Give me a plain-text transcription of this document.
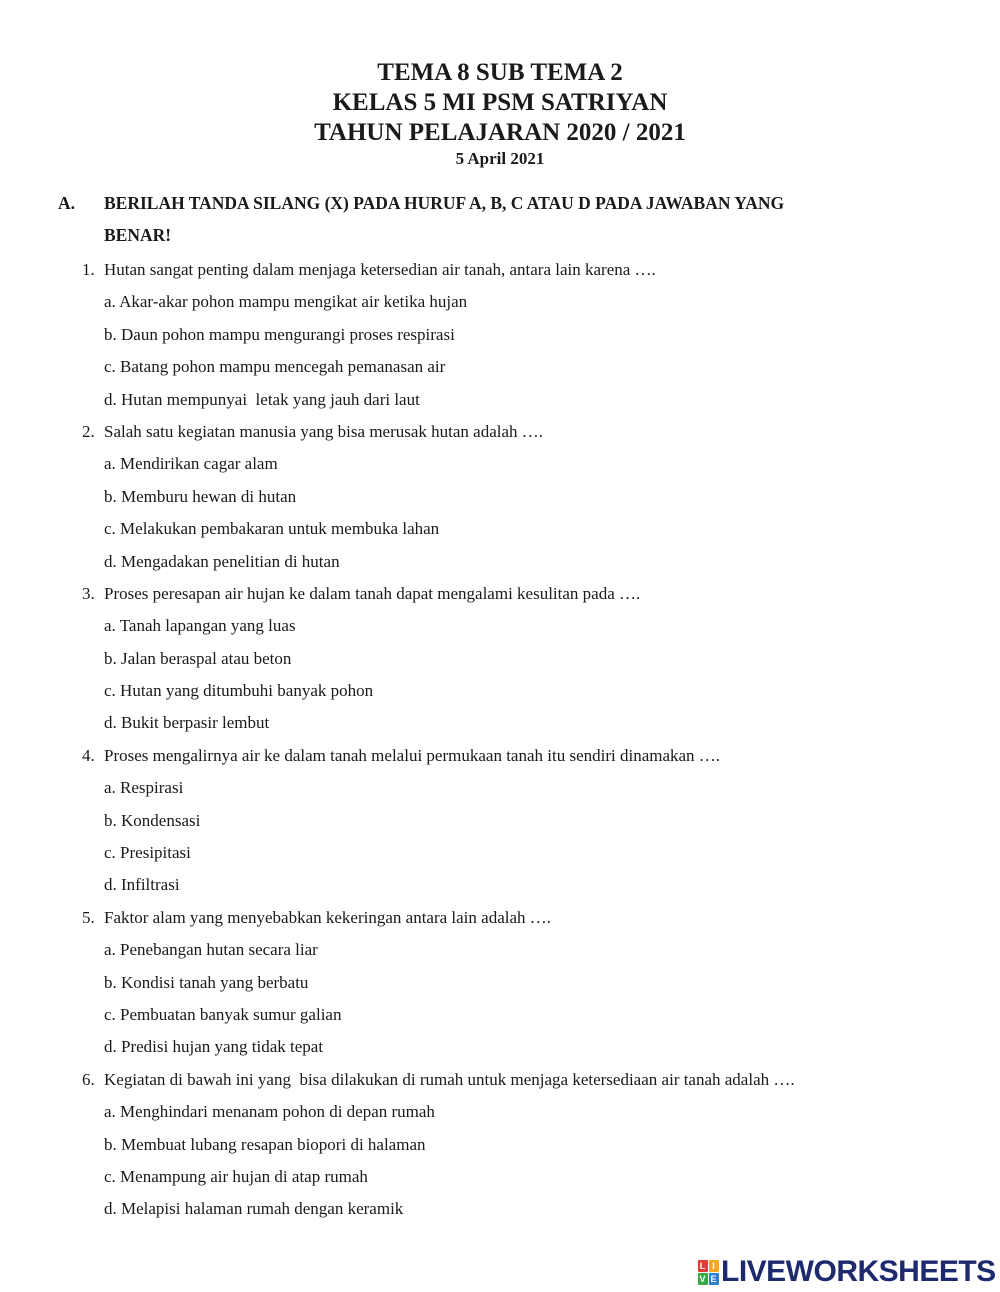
TEMA 8 SUB TEMA 2
KELAS 5 MI PSM SATRIYAN
TAHUN PELAJARAN 2020 / 2021
5 April 2021
A.	BERILAH TANDA SILANG (X) PADA HURUF A, B, C ATAU D PADA JAWABAN YANG
BENAR!
1. Hutan sangat penting dalam menjaga ketersedian air tanah, antara lain karena ….
a. Akar-akar pohon mampu mengikat air ketika hujan
b. Daun pohon mampu mengurangi proses respirasi
c. Batang pohon mampu mencegah pemanasan air
d. Hutan mempunyai  letak yang jauh dari laut
2. Salah satu kegiatan manusia yang bisa merusak hutan adalah ….
a. Mendirikan cagar alam
b. Memburu hewan di hutan
c. Melakukan pembakaran untuk membuka lahan
d. Mengadakan penelitian di hutan
3. Proses peresapan air hujan ke dalam tanah dapat mengalami kesulitan pada ….
a. Tanah lapangan yang luas
b. Jalan beraspal atau beton
c. Hutan yang ditumbuhi banyak pohon
d. Bukit berpasir lembut
4. Proses mengalirnya air ke dalam tanah melalui permukaan tanah itu sendiri dinamakan ….
a. Respirasi
b. Kondensasi
c. Presipitasi
d. Infiltrasi
5. Faktor alam yang menyebabkan kekeringan antara lain adalah ….
a. Penebangan hutan secara liar
b. Kondisi tanah yang berbatu
c. Pembuatan banyak sumur galian
d. Predisi hujan yang tidak tepat
6. Kegiatan di bawah ini yang  bisa dilakukan di rumah untuk menjaga ketersediaan air tanah adalah ….
a. Menghindari menanam pohon di depan rumah
b. Membuat lubang resapan biopori di halaman
c. Menampung air hujan di atap rumah
d. Melapisi halaman rumah dengan keramik
L I
V E LIVEWORKSHEETS
